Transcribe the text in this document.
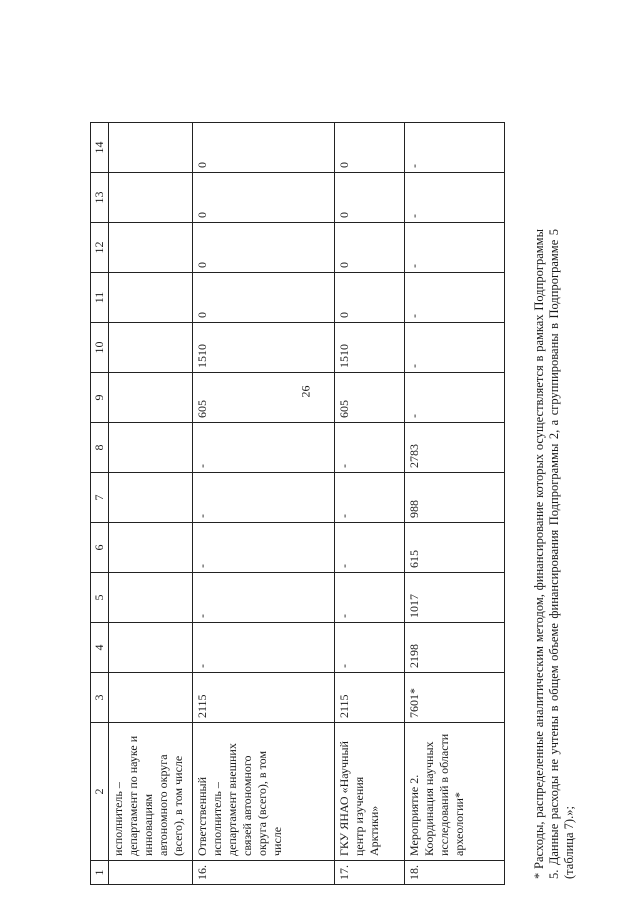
26
1	2	3	4	5	6	7	8	9	10	11	12	13	14
	исполнитель – департамент по науке и инновациям автономного округа (всего), в том числе												
16.	Ответственный исполнитель – департамент внешних связей автономного округа (всего), в том числе	2115	-	-	-	-	-	605	1510	0	0	0	0
17.	ГКУ ЯНАО «Научный центр изучения Арктики»	2115	-	-	-	-	-	605	1510	0	0	0	0
18.	Мероприятие 2. Координация научных исследований в области археологии*	7601*	2198	1017	615	988	2783	-	-	-	-	-	-
* Расходы, распределенные аналитическим методом, финансирование которых осуществляется в рамках Подпрограммы 5. Данные расходы не учтены в общем объеме финансирования Подпрограммы 2, а сгруппированы в Подпрограмме 5 (таблица 7).»;
